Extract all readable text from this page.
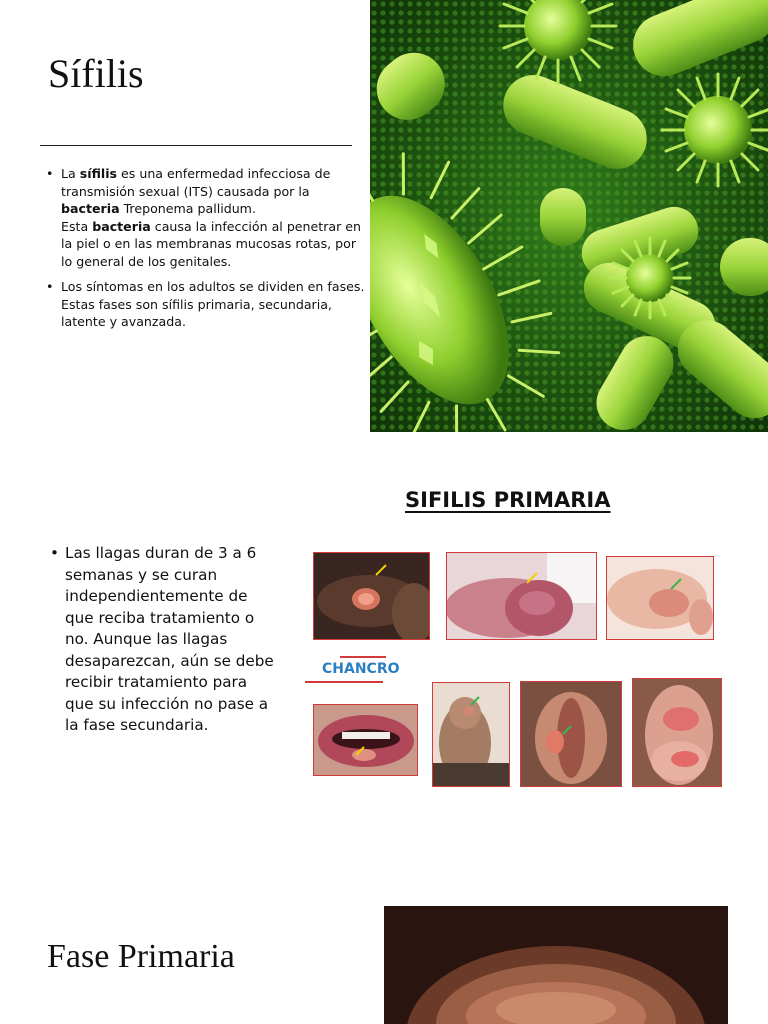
Sífilis
• La sífilis es una enfermedad infecciosa de transmisión sexual (ITS) causada por la bacteria Treponema pallidum.
Esta bacteria causa la infección al penetrar en la piel o en las membranas mucosas rotas, por lo general de los genitales.
• Los síntomas en los adultos se dividen en fases. Estas fases son sífilis primaria, secundaria, latente y avanzada.
SIFILIS PRIMARIA
• Las llagas duran de 3 a 6 semanas y se curan independientemente de que reciba tratamiento o no. Aunque las llagas desaparezcan, aún se debe recibir tratamiento para que su infección no pase a la fase secundaria.
CHANCRO
Fase Primaria
